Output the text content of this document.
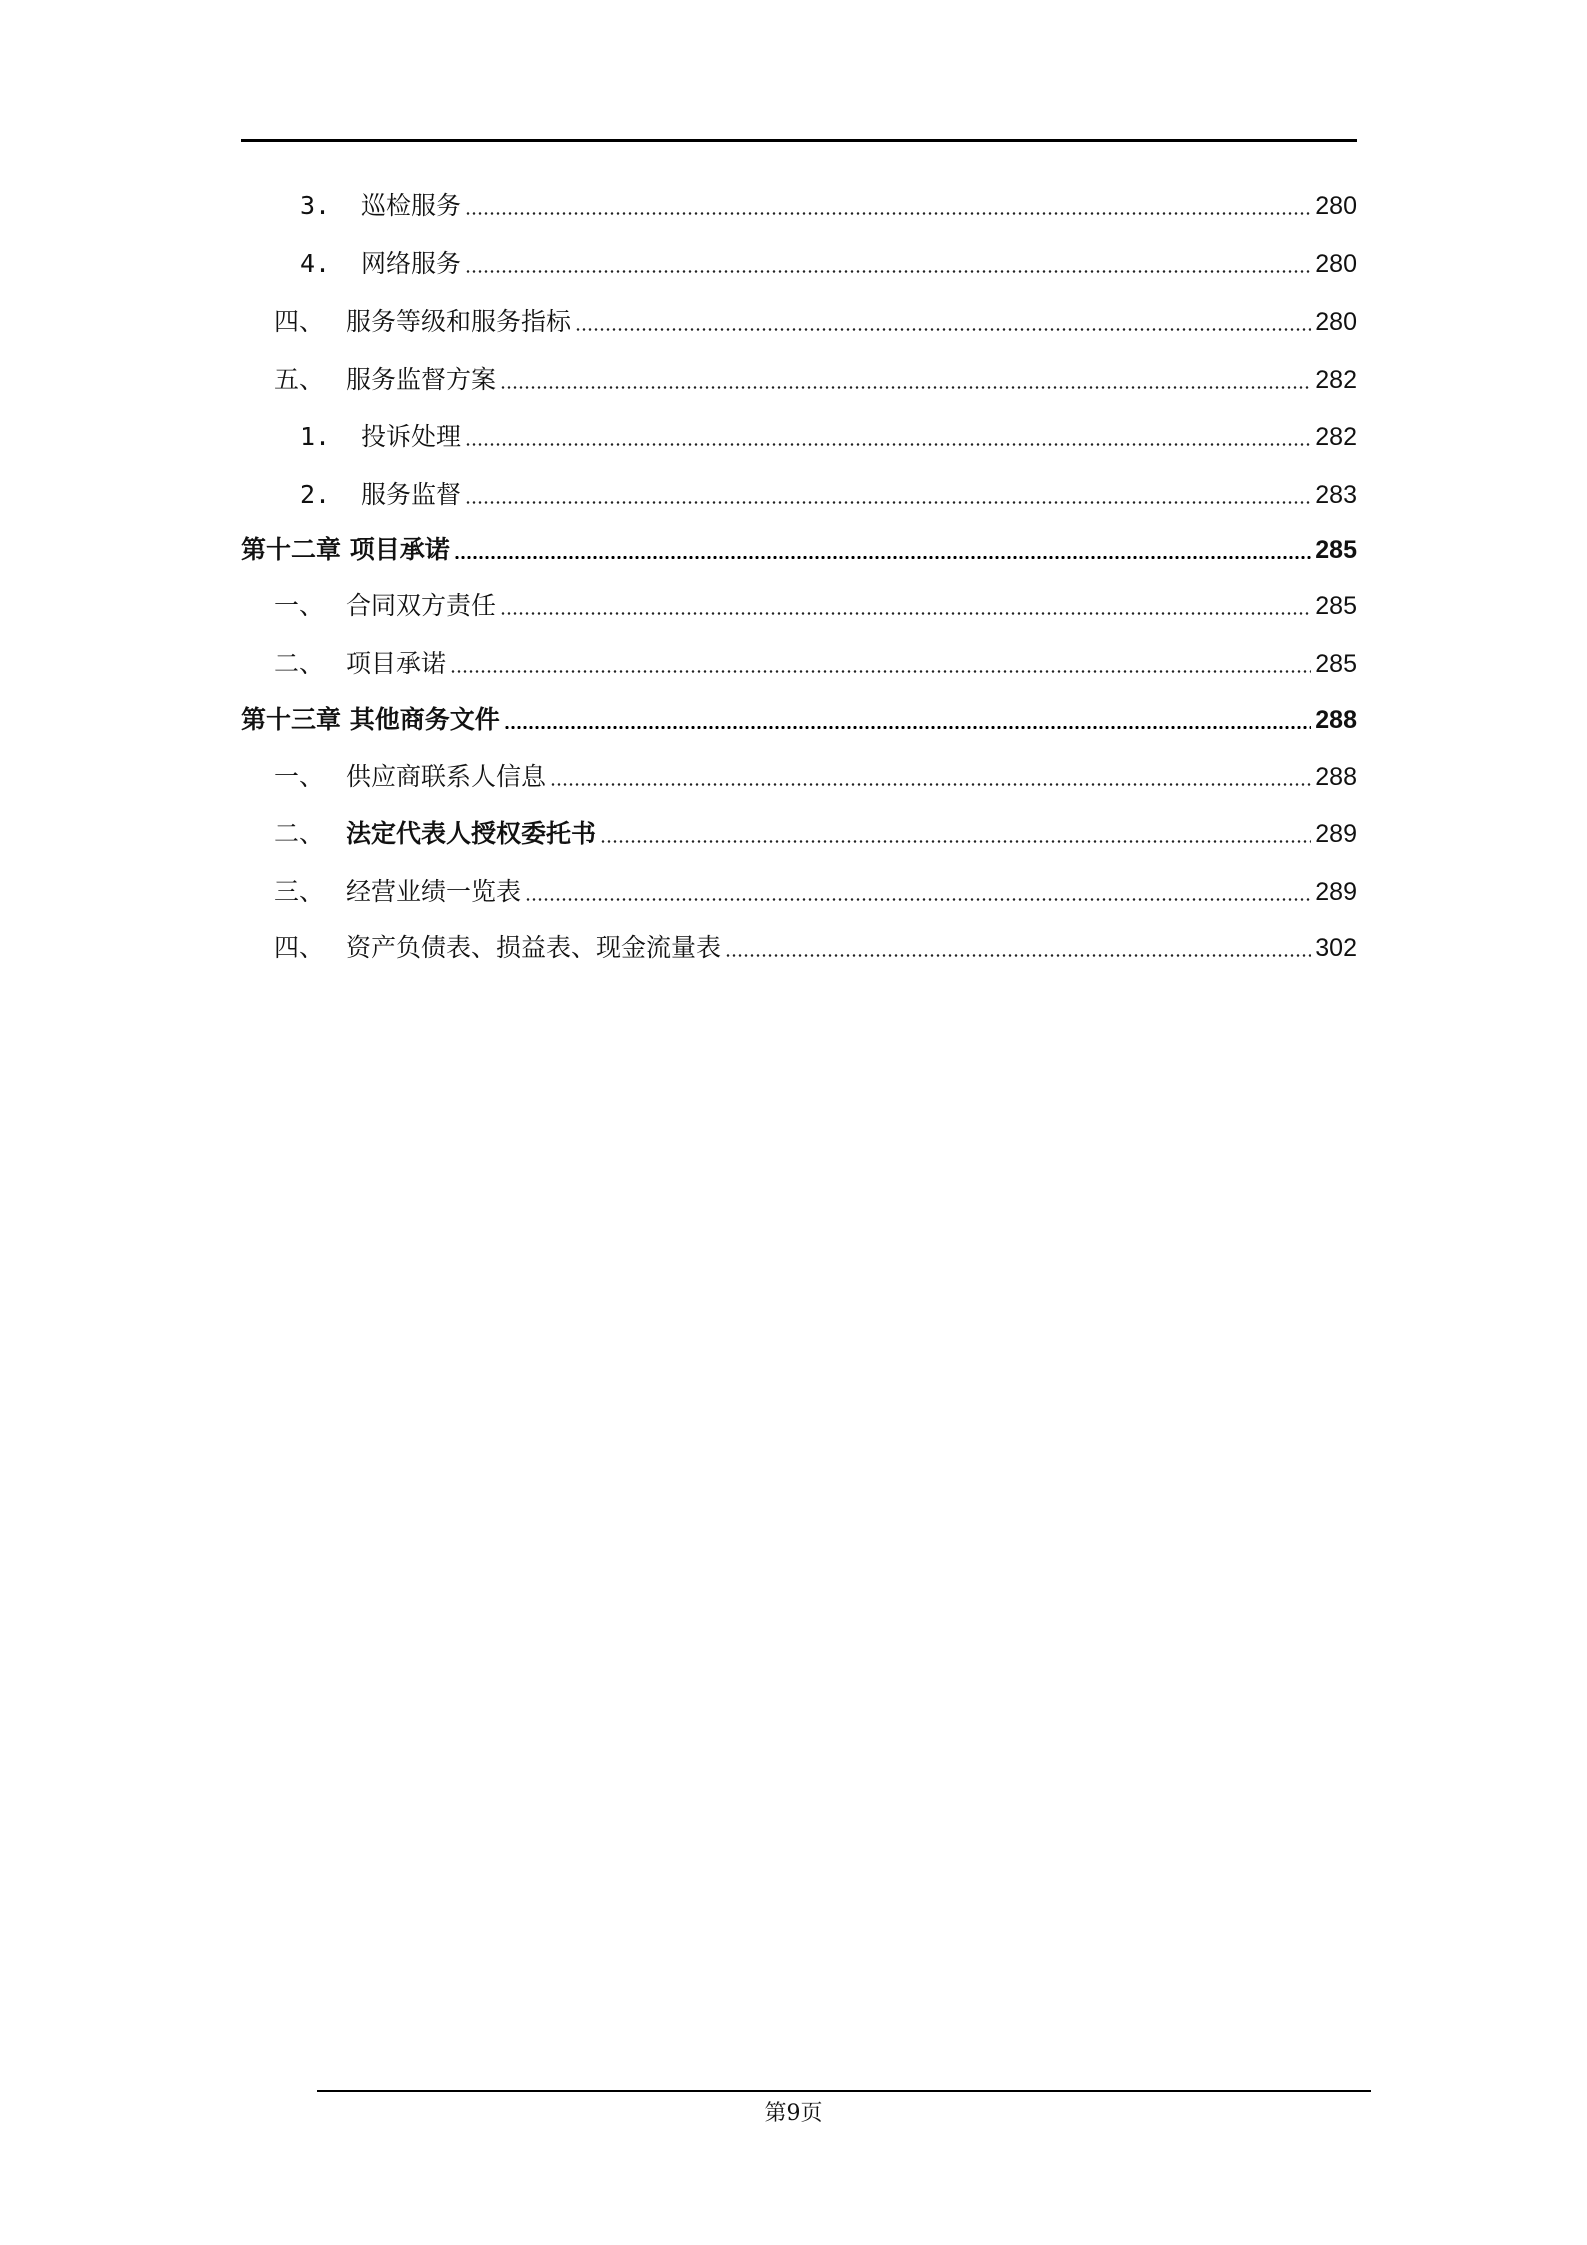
3. 巡检服务	280
4. 网络服务	280
四、 服务等级和服务指标	280
五、 服务监督方案	282
1. 投诉处理	282
2. 服务监督	283
第十二章 项目承诺	285
一、 合同双方责任	285
二、 项目承诺	285
第十三章 其他商务文件	288
一、 供应商联系人信息	288
二、 法定代表人授权委托书	289
三、 经营业绩一览表	289
四、 资产负债表、损益表、现金流量表	302
第9页
